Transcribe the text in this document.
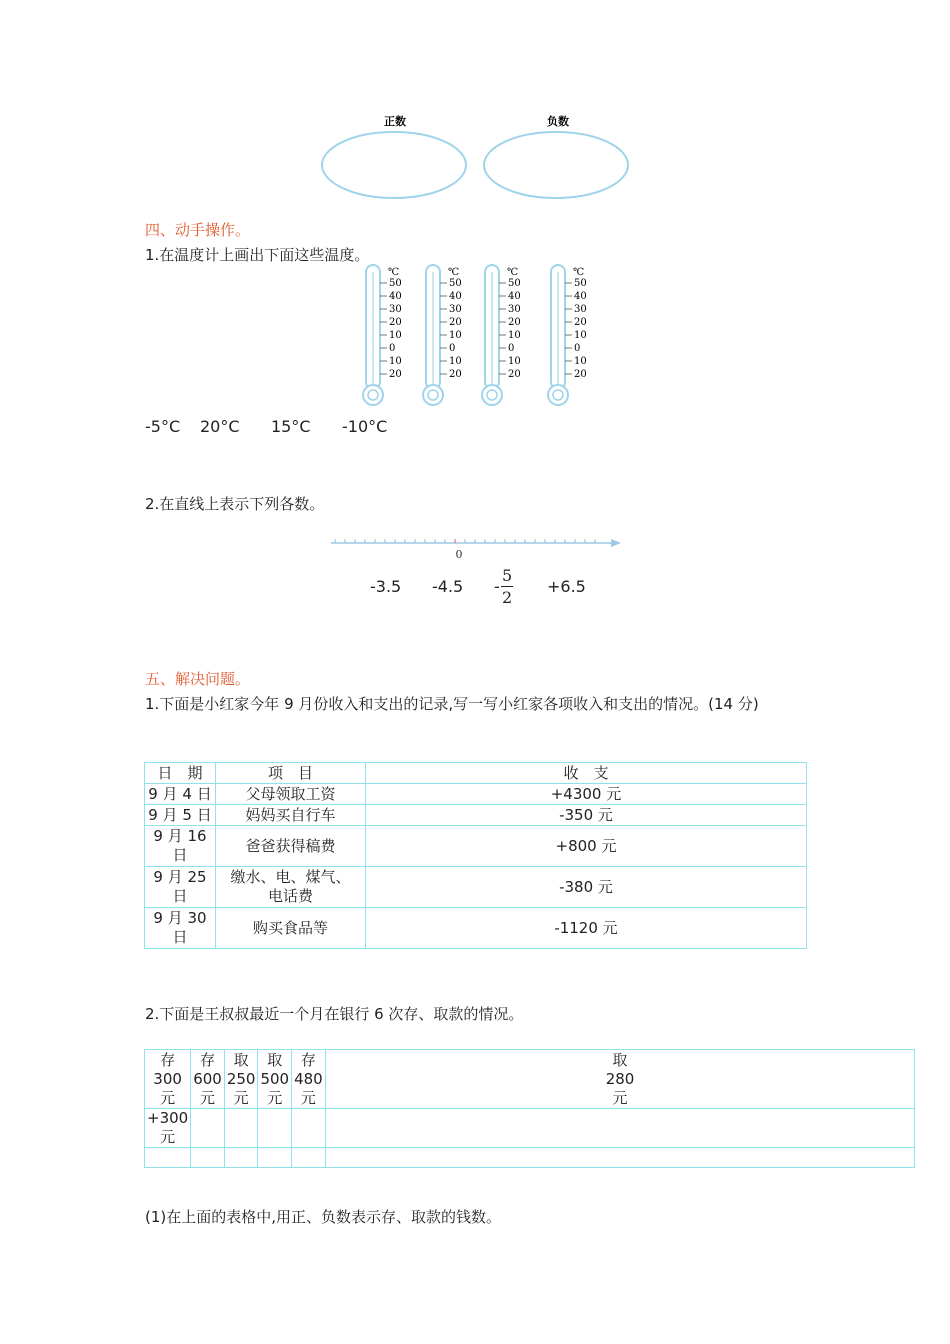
正数	负数
四、动手操作。
1.在温度计上画出下面这些温度。
℃
50
40
30
20
10
0
10
20
℃
50
40
30
20
10
0
10
20
℃
50
40
30
20
10
0
10
20
℃
50
40
30
20
10
0
10
20
-5°C 20°C 15°C -10°C
2.在直线上表示下列各数。
0
-3.5 -4.5 -
5
2
+6.5
五、解决问题。
1.下面是小红家今年 9 月份收入和支出的记录,写一写小红家各项收入和支出的情况。(14 分)
日　期	项　目	收　支
9 月 4 日	父母领取工资	+4300 元
9 月 5 日	妈妈买自行车	-350 元
9 月 16 日	爸爸获得稿费	+800 元
9 月 25 日	缴水、电、煤气、电话费	-380 元
9 月 30 日	购买食品等	-1120 元
2.下面是王叔叔最近一个月在银行 6 次存、取款的情况。
存 300 元	存 600 元	取 250 元	取 500 元	存 480 元	取 280 元
+300 元					

(1)在上面的表格中,用正、负数表示存、取款的钱数。
